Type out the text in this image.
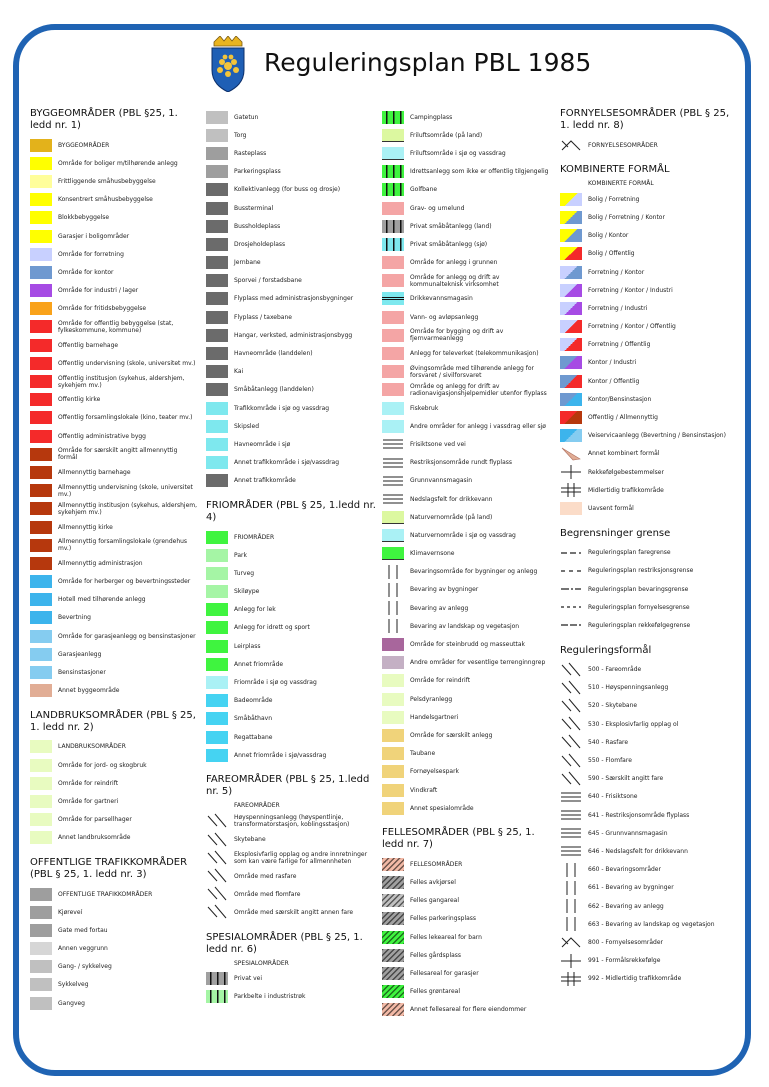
Reguleringsplan PBL 1985
BYGGEOMRÅDER (PBL §25, 1. ledd nr. 1)
BYGGEOMRÅDER
Område for boliger m/tilhørende anlegg
Frittliggende småhusbebyggelse
Konsentrert småhusbebyggelse
Blokkbebyggelse
Garasjer i boligområder
Område for forretning
Område for kontor
Område for industri / lager
Område for fritidsbebyggelse
Område for offentlig bebyggelse (stat, fylkeskommune, kommune)
Offentlig barnehage
Offentlig undervisning (skole, universitet mv.)
Offentlig institusjon (sykehus, aldershjem, sykehjem mv.)
Offentlig kirke
Offentlig forsamlingslokale (kino, teater mv.)
Offentlig administrative bygg
Område for særskilt angitt allmennyttig formål
Allmennyttig barnehage
Allmennyttig undervisning (skole, universitet mv.)
Allmennyttig institusjon (sykehus, aldershjem, sykehjem mv.)
Allmennyttig kirke
Allmennyttig forsamlingslokale (grendehus mv.)
Allmennyttig administrasjon
Område for herberger og bevertningssteder
Hotell med tilhørende anlegg
Bevertning
Område for garasjeanlegg og bensinstasjoner
Garasjeanlegg
Bensinstasjoner
Annet byggeområde
LANDBRUKSOMRÅDER (PBL § 25, 1. ledd nr. 2)
LANDBRUKSOMRÅDER
Område for jord- og skogbruk
Område for reindrift
Område for gartneri
Område for parsellhager
Annet landbruksområde
OFFENTLIGE TRAFIKKOMRÅDER (PBL § 25, 1. ledd nr. 3)
OFFENTLIGE TRAFIKKOMRÅDER
Kjøreveí
Gate med fortau
Annen veggrunn
Gang- / sykkelveg
Sykkelveg
Gangveg
Gatetun
Torg
Rasteplass
Parkeringsplass
Kollektivanlegg (for buss og drosje)
Bussterminal
Bussholdeplass
Drosjeholdeplass
Jernbane
Sporvei / forstadsbane
Flyplass med administrasjonsbygninger
Flyplass / taxebane
Hangar, verksted, administrasjonsbygg
Havneområde (landdelen)
Kai
Småbåtanlegg (landdelen)
Trafikkområde i sjø og vassdrag
Skipsled
Havneområde i sjø
Annet trafikkområde i sjø/vassdrag
Annet trafikkområde
FRIOMRÅDER (PBL § 25, 1.ledd nr. 4)
FRIOMRÅDER
Park
Turveg
Skiløype
Anlegg for lek
Anlegg for idrett og sport
Leirplass
Annet friområde
Friområde i sjø og vassdrag
Badeområde
Småbåthavn
Regattabane
Annet friområde i sjø/vassdrag
FAREOMRÅDER (PBL § 25, 1.ledd nr. 5)
FAREOMRÅDER
Høyspenningsanlegg (høyspentlinje, transformatorstasjon, koblingsstasjon)
Skytebane
Eksplosivfarlig opplag og andre innretninger som kan være farlige for allmennheten
Område med rasfare
Område med flomfare
Område med særskilt angitt annen fare
SPESIALOMRÅDER (PBL § 25, 1. ledd nr. 6)
SPESIALOMRÅDER
Privat vei
Parkbelte i industristrøk
Campingplass
Friluftsområde (på land)
Friluftsområde i sjø og vassdrag
Idrettsanlegg som ikke er offentlig tilgjengelig
Golfbane
Grav- og urnelund
Privat småbåtanlegg (land)
Privat småbåtanlegg (sjø)
Område for anlegg i grunnen
Område for anlegg og drift av kommunalteknisk virksomhet
Drikkevannsmagasin
Vann- og avløpsanlegg
Område for bygging og drift av fjernvarmeanlegg
Anlegg for televerket (telekommunikasjon)
Øvingsområde med tilhørende anlegg for forsvaret / sivilforsvaret
Område og anlegg for drift av radionavigasjonshjelpemidler utenfor flyplass
Fiskebruk
Andre områder for anlegg i vassdrag eller sjø
Frisiktsone ved vei
Restriksjonsområde rundt flyplass
Grunnvannsmagasin
Nedslagsfelt for drikkevann
Naturvernområde (på land)
Naturvernområde i sjø og vassdrag
Klimavernsone
Bevaringsområde for bygninger og anlegg
Bevaring av bygninger
Bevaring av anlegg
Bevaring av landskap og vegetasjon
Område for steinbrudd og masseuttak
Andre områder for vesentlige terrenginngrep
Område for reindrift
Pelsdyranlegg
Handelsgartneri
Område for særskilt anlegg
Taubane
Fornøyelsespark
Vindkraft
Annet spesialområde
FELLESOMRÅDER (PBL § 25, 1. ledd nr. 7)
FELLESOMRÅDER
Felles avkjørsel
Felles gangareal
Felles parkeringsplass
Felles lekeareal for barn
Felles gårdsplass
Fellesareal for garasjer
Felles grøntareal
Annet fellesareal for flere eiendommer
FORNYELSESOMRÅDER (PBL § 25, 1. ledd nr. 8)
FORNYELSESOMRÅDER
KOMBINERTE FORMÅL
KOMBINERTE FORMÅL
Bolig / Forretning
Bolig / Forretning / Kontor
Bolig / Kontor
Bolig / Offentlig
Forretning / Kontor
Forretning / Kontor / Industri
Forretning / Industri
Forretning / Kontor / Offentlig
Forretning / Offentlig
Kontor / Industri
Kontor / Offentlig
Kontor/Bensinstasjon
Offentlig / Allmennyttig
Veiservicaanlegg (Bevertning / Bensinstasjon)
Annet kombinert formål
Rekkefølgebestemmelser
Midlertidig trafikkområde
Uavsent formål
Begrensninger grense
Reguleringsplan faregrense
Reguleringsplan restriksjonsgrense
Reguleringsplan bevaringsgrense
Reguleringsplan fornyelsesgrense
Reguleringsplan rekkefølgegrense
Reguleringsformål
500 - Fareområde
510 - Høyspenningsanlegg
520 - Skytebane
530 - Eksplosivfarlig opplag ol
540 - Rasfare
550 - Flomfare
590 - Særskilt angitt fare
640 - Frisiktsone
641 - Restriksjonsområde flyplass
645 - Grunnvannsmagasin
646 - Nedslagsfelt for drikkevann
660 - Bevaringsområder
661 - Bevaring av bygninger
662 - Bevaring av anlegg
663 - Bevaring av landskap og vegetasjon
800 - Fornyelsesområder
991 - Formålsrekkefølge
992 - Midlertidig trafikkområde
